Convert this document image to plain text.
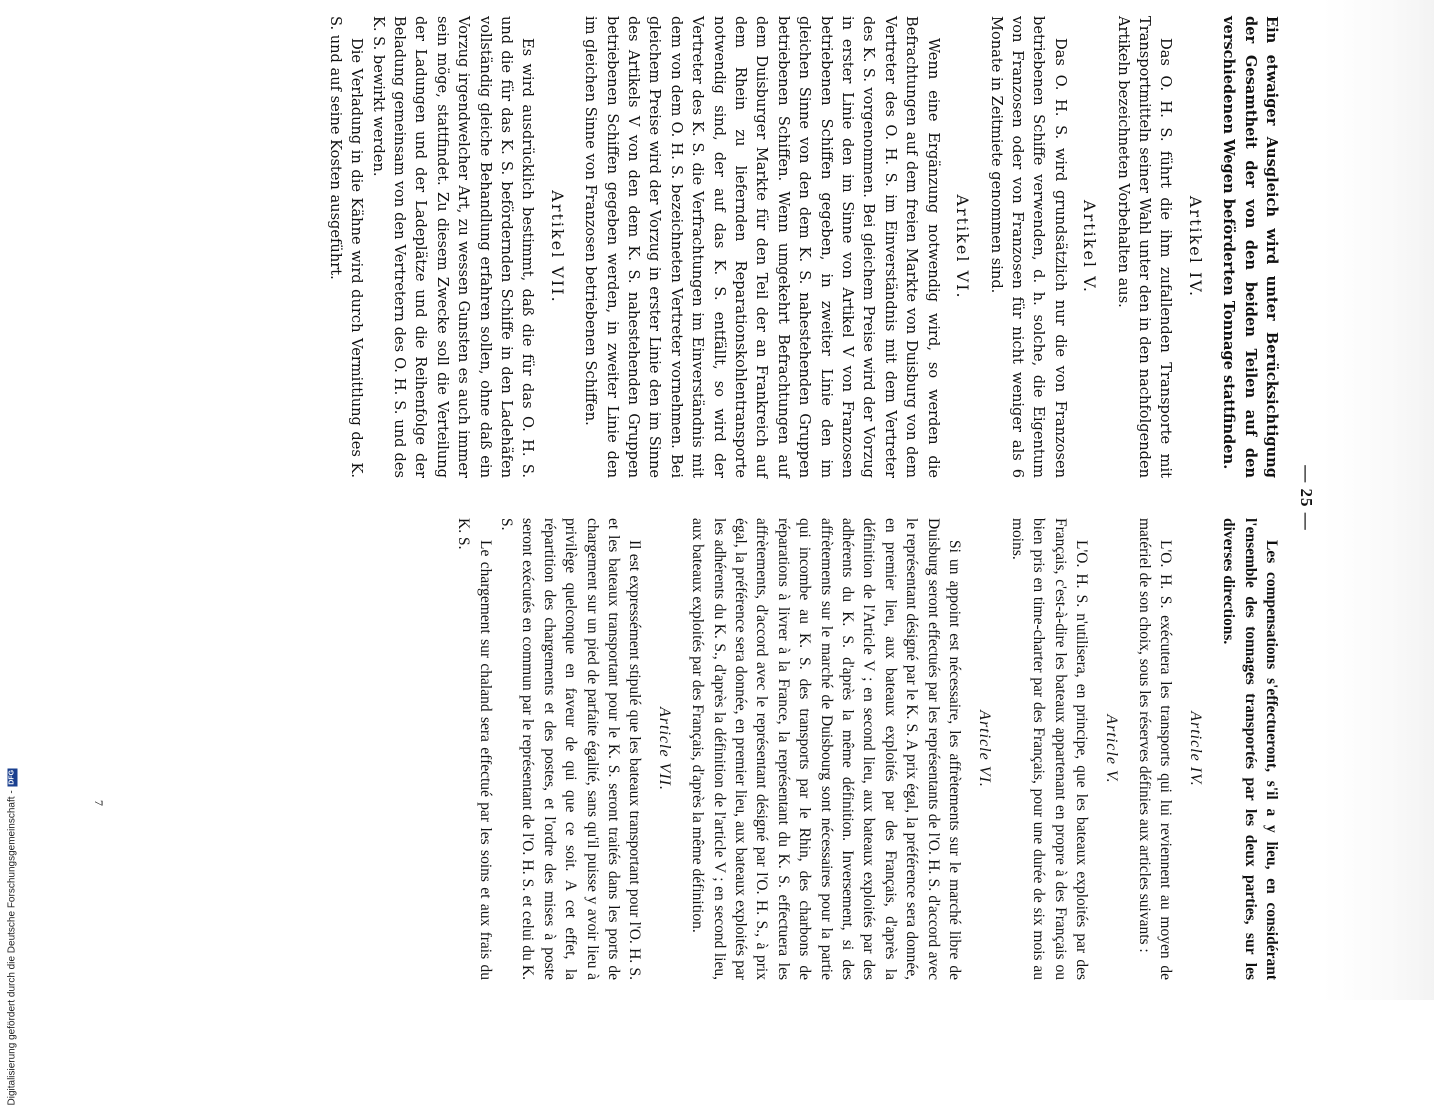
Digitalisierung gefördert durch die Deutsche Forschungsgemeinschaft -
DFG
7
— 25 —

Ein etwaiger Ausgleich wird unter Berücksichtigung der Gesamtheit der von den beiden Teilen auf den verschiedenen Wegen beförderten Tonnage stattfinden.

Artikel IV.

Das O. H. S. führt die ihm zufallenden Transporte mit Transportmitteln seiner Wahl unter den in den nachfolgenden Artikeln bezeichneten Vorbehalten aus.

Artikel V.

Das O. H. S. wird grundsätzlich nur die von Franzosen betriebenen Schiffe verwenden, d. h. solche, die Eigentum von Franzosen oder von Franzosen für nicht weniger als 6 Monate in Zeitmiete genommen sind.

Artikel VI.

Wenn eine Ergänzung notwendig wird, so werden die Befrachtungen auf dem freien Markte von Duisburg von dem Vertreter des O. H. S. im Einverständnis mit dem Vertreter des K. S. vorgenommen. Bei gleichem Preise wird der Vorzug in erster Linie den im Sinne von Artikel V von Franzosen betriebenen Schiffen gegeben, in zweiter Linie den im gleichen Sinne von den dem K. S. nahestehenden Gruppen betriebenen Schiffen. Wenn umgekehrt Befrachtungen auf dem Duisburger Markte für den Teil der an Frankreich auf dem Rhein zu liefernden Reparationskohlentransporte notwendig sind, der auf das K. S. entfällt, so wird der Vertreter des K. S. die Verfrachtungen im Einverständnis mit dem von dem O. H. S. bezeichneten Vertreter vornehmen. Bei gleichem Preise wird der Vorzug in erster Linie den im Sinne des Artikels V von den dem K. S. nahestehenden Gruppen betriebenen Schiffen gegeben werden, in zweiter Linie den im gleichen Sinne von Franzosen betriebenen Schiffen.

Artikel VII.

Es wird ausdrücklich bestimmt, daß die für das O. H. S. und die für das K. S. befördernden Schiffe in den Ladehäfen vollständig gleiche Behandlung erfahren sollen, ohne daß ein Vorzug irgendwelcher Art, zu wessen Gunsten es auch immer sein möge, stattfindet. Zu diesem Zwecke soll die Verteilung der Ladungen und der Ladeplätze und die Reihenfolge der Beladung gemeinsam von den Vertretern des O. H. S. und des K. S. bewirkt werden.

Die Verladung in die Kähne wird durch Vermittlung des K. S. und auf seine Kosten ausgeführt.

Les compensations s'effectueront, s'il a y lieu, en considérant l'ensemble des tonnages transportés par les deux parties, sur les diverses directions.

Article IV.

L'O. H. S. exécutera les transports qui lui reviennent au moyen de matériel de son choix, sous les réserves définies aux articles suivants :

Article V.

L'O. H. S. n'utilisera, en principe, que les bateaux exploités par des Français, c'est-à-dire les bateaux appartenant en propre à des Français ou bien pris en time-charter par des Français, pour une durée de six mois au moins.

Article VI.

Si un appoint est nécessaire, les affrètements sur le marché libre de Duisburg seront effectués par les représentants de l'O. H. S. d'accord avec le représentant désigné par le K. S. A prix égal, la préférence sera donnée, en premier lieu, aux bateaux exploités par des Français, d'après la définition de l'Article V ; en second lieu, aux bateaux exploités par des adhérents du K. S. d'après la même définition. Inversement, si des affrètements sur le marché de Duisbourg sont nécessaires pour la partie qui incombe au K. S. des transports par le Rhin, des charbons de réparations à livrer à la France, la représentant du K. S. effectuera les affrètements, d'accord avec le représentant désigné par l'O. H. S., à prix égal, la préférence sera donnée, en premier lieu, aux bateaux exploités par les adhérents du K. S., d'après la définition de l'article V ; en second lieu, aux bateaux exploités par des Français, d'après la même définition.

Article VII.

Il est expressément stipulé que les bateaux transportant pour l'O. H. S. et les bateaux transportant pour le K. S. seront traités dans les ports de chargement sur un pied de parfaite égalité, sans qu'il puisse y avoir lieu à privilège quelconque en faveur de qui que ce soit. A cet effet, la répartition des chargements et des postes, et l'ordre des mises à poste seront exécutés en commun par le représentant de l'O. H. S. et celui du K. S.

Le chargement sur chaland sera effectué par les soins et aux frais du K. S.
